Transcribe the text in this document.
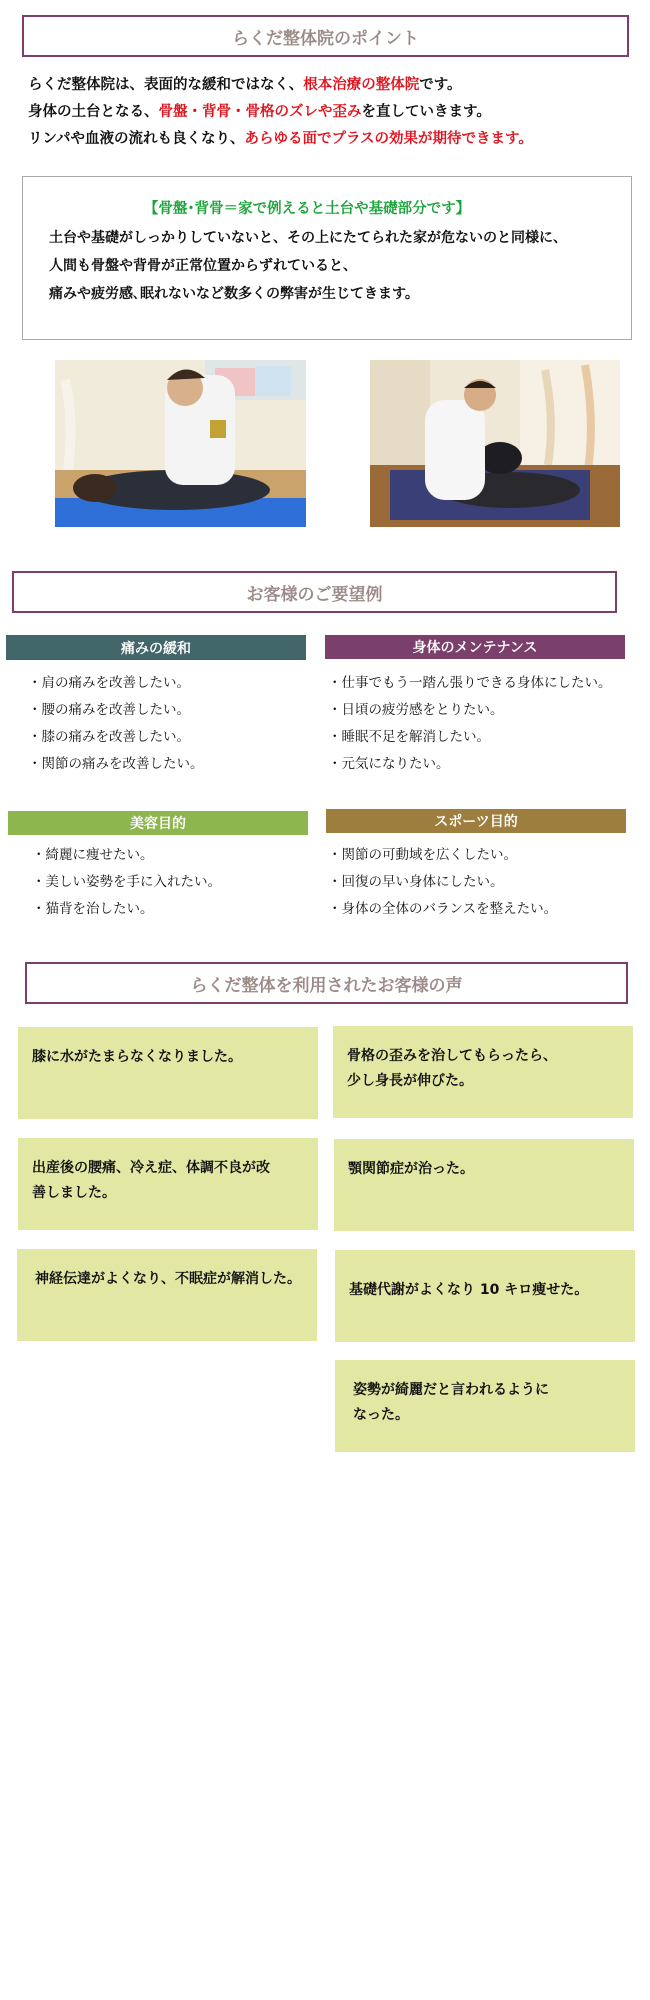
らくだ整体院のポイント

らくだ整体院は、表面的な緩和ではなく、根本治療の整体院です。

身体の土台となる、骨盤・背骨・骨格のズレや歪みを直していきます。

リンパや血液の流れも良くなり、あらゆる面でプラスの効果が期待できます。

【骨盤･背骨＝家で例えると土台や基礎部分です】

土台や基礎がしっかりしていないと、その上にたてられた家が危ないのと同様に、

人間も骨盤や背骨が正常位置からずれていると、

痛みや疲労感､眠れないなど数多くの弊害が生じてきます。

お客様のご要望例
痛みの緩和
・肩の痛みを改善したい。
・腰の痛みを改善したい。
・膝の痛みを改善したい。
・関節の痛みを改善したい。
身体のメンテナンス
・仕事でもう一踏ん張りできる身体にしたい。
・日頃の疲労感をとりたい。
・睡眠不足を解消したい。
・元気になりたい。
美容目的
・綺麗に痩せたい。
・美しい姿勢を手に入れたい。
・猫背を治したい。
スポーツ目的
・関節の可動域を広くしたい。
・回復の早い身体にしたい。
・身体の全体のバランスを整えたい。
らくだ整体を利用されたお客様の声
膝に水がたまらなくなりました。	骨格の歪みを治してもらったら、
少し身長が伸びた。
出産後の腰痛、冷え症、体調不良が改
善しました。
顎関節症が治った。
神経伝達がよくなり、不眠症が解消した。
基礎代謝がよくなり 10 キロ痩せた。
姿勢が綺麗だと言われるように
なった。
